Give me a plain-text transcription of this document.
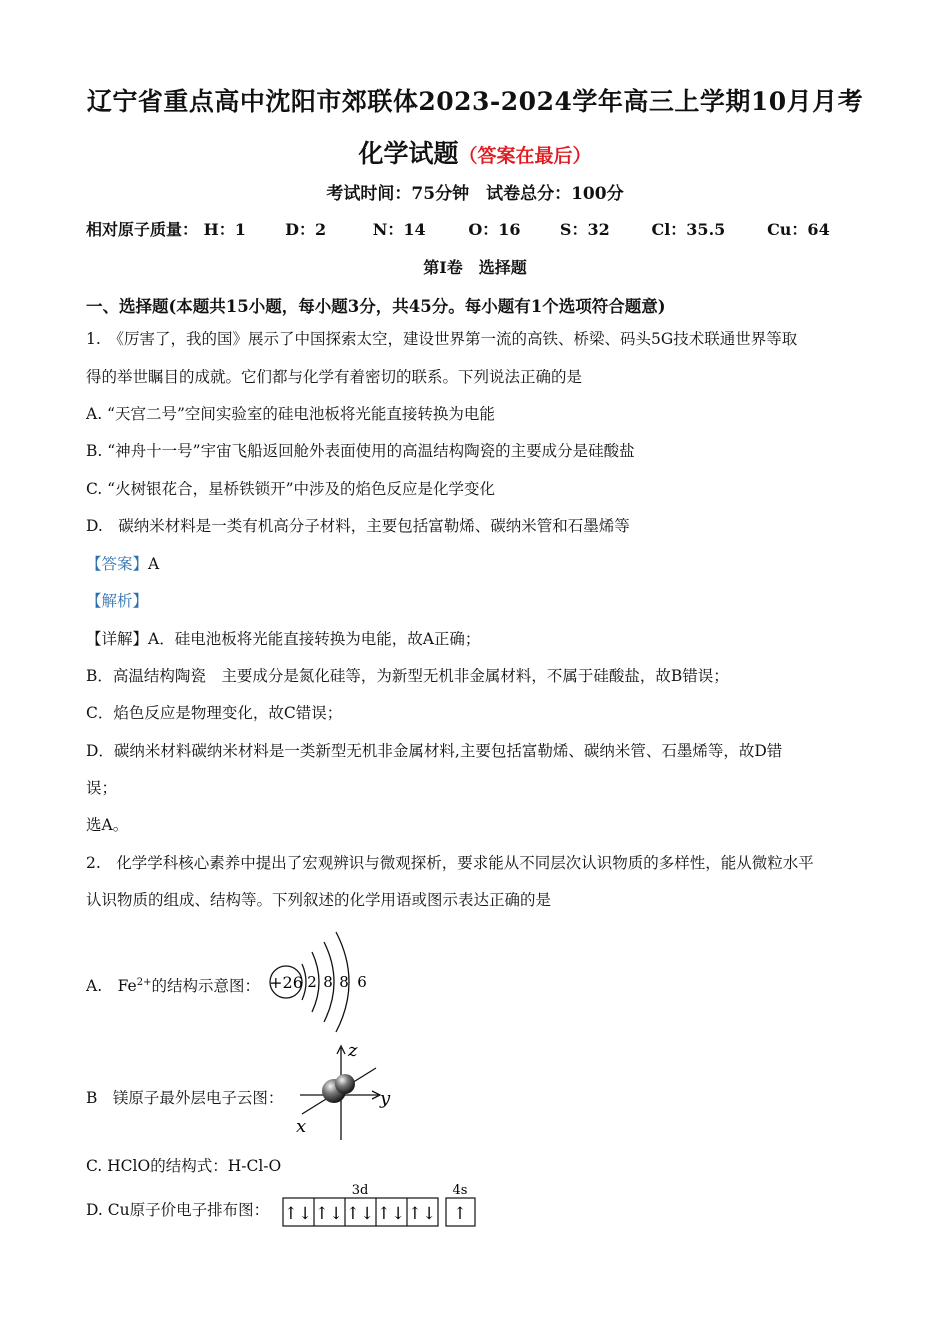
辽宁省重点高中沈阳市郊联体2023-2024学年高三上学期10月月考
化学试题（答案在最后）
考试时间：75分钟　试卷总分：100分
相对原子质量： H：1 D：2	N：14	O：16 S：32	Cl：35.5	Cu：64
第Ⅰ卷　选择题
一、选择题(本题共15小题，每小题3分，共45分。每小题有1个选项符合题意)
1.　《厉害了，我的国》展示了中国探索太空，建设世界第一流的高铁、桥梁、码头5G技术联通世界等取
得的举世瞩目的成就。它们都与化学有着密切的联系。下列说法正确的是
A. “天宫二号”空间实验室的硅电池板将光能直接转换为电能
B. “神舟十一号”宇宙飞船返回舱外表面使用的高温结构陶瓷的主要成分是硅酸盐
C. “火树银花合，星桥铁锁开”中涉及的焰色反应是化学变化
D.　碳纳米材料是一类有机高分子材料，主要包括富勒烯、碳纳米管和石墨烯等
【答案】A
【解析】
【详解】A．硅电池板将光能直接转换为电能，故A正确；
B．高温结构陶瓷　主要成分是氮化硅等，为新型无机非金属材料，不属于硅酸盐，故B错误；
C．焰色反应是物理变化，故C错误；
D．碳纳米材料碳纳米材料是一类新型无机非金属材料,主要包括富勒烯、碳纳米管、石墨烯等，故D错
误；
选A。
2.　化学学科核心素养中提出了宏观辨识与微观探析，要求能从不同层次认识物质的多样性，能从微粒水平
认识物质的组成、结构等。下列叙述的化学用语或图示表达正确的是
A.　$Fe^{2+}$的结构示意图： +26 2 8 8 6
B　镁原子最外层电子云图：
z
y
x
C. HClO的结构式：H-Cl-O
D. Cu原子价电子排布图：
3d	4s
↑↓ ↑↓ ↑↓ ↑↓ ↑↓ ↑
